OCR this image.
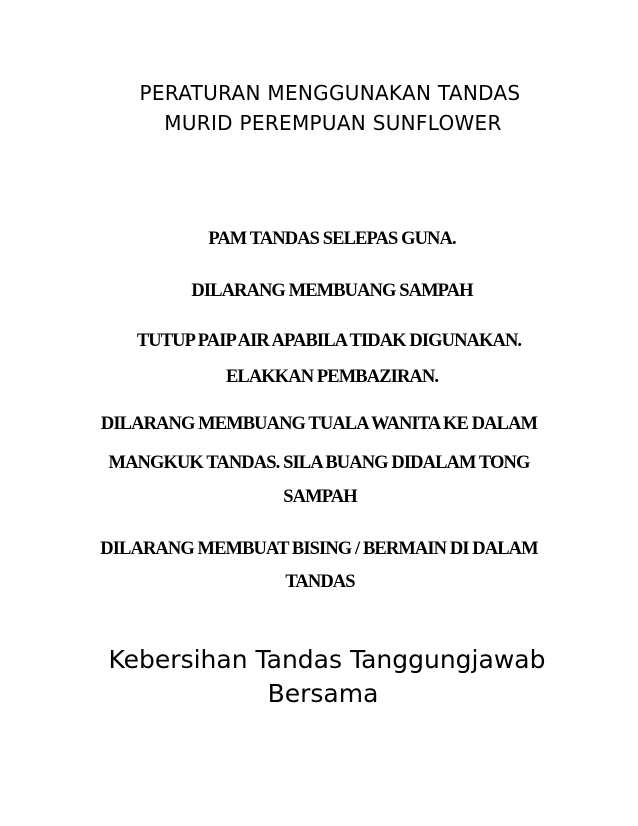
PERATURAN MENGGUNAKAN TANDAS
MURID PEREMPUAN SUNFLOWER
PAM TANDAS SELEPAS GUNA.
DILARANG MEMBUANG SAMPAH
TUTUP PAIP AIR APABILA TIDAK DIGUNAKAN.
ELAKKAN PEMBAZIRAN.
DILARANG MEMBUANG TUALA WANITA KE DALAM
MANGKUK TANDAS. SILA BUANG DIDALAM TONG
SAMPAH
DILARANG MEMBUAT BISING / BERMAIN DI DALAM
TANDAS
Kebersihan Tandas Tanggungjawab
Bersama
